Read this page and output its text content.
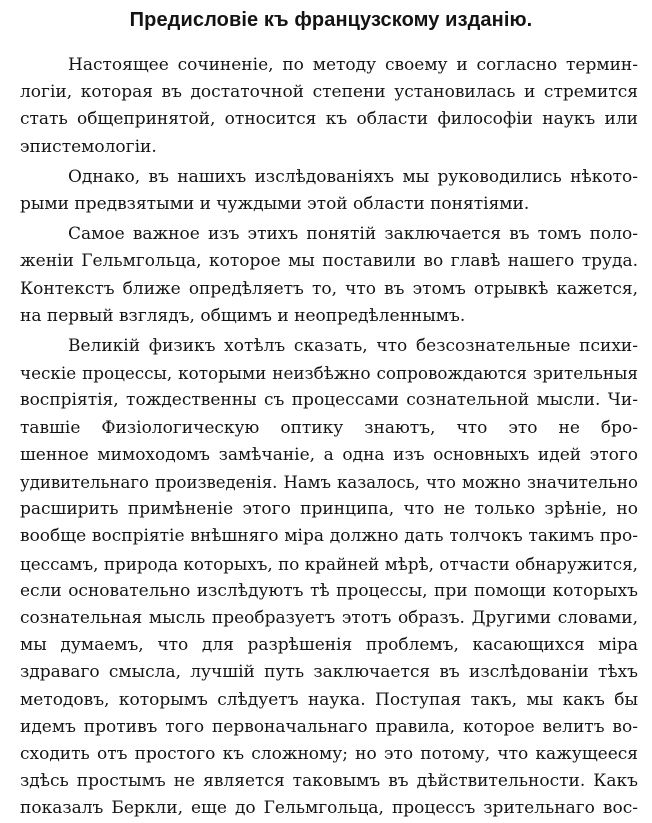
Предисловіе къ французскому изданію.
Настоящее сочиненіе, по методу своему и согласно термин-
логіи, которая въ достаточной степени установилась и стремится
стать общепринятой, относится къ области философіи наукъ или
эпистемологіи.
Однако, въ нашихъ изслѣдованіяхъ мы руководились нѣкото-
рыми предвзятыми и чуждыми этой области понятіями.
Самое важное изъ этихъ понятій заключается въ томъ поло-
женіи Гельмгольца, которое мы поставили во главѣ нашего труда.
Контекстъ ближе опредѣляетъ то, что въ этомъ отрывкѣ кажется,
на первый взглядъ, общимъ и неопредѣленнымъ.
Великій физикъ хотѣлъ сказать, что безсознательные психи-
ческіе процессы, которыми неизбѣжно сопровождаются зрительныя
воспріятія, тождественны съ процессами сознательной мысли. Чи-
тавшіе Физіологическую оптику знаютъ, что это не бро-
шенное мимоходомъ замѣчаніе, а одна изъ основныхъ идей этого
удивительнаго произведенія. Намъ казалось, что можно значительно
расширить примѣненіе этого принципа, что не только зрѣніе, но
вообще воспріятіе внѣшняго міра должно дать толчокъ такимъ про-
цессамъ, природа которыхъ, по крайней мѣрѣ, отчасти обнаружится,
если основательно изслѣдуютъ тѣ процессы, при помощи которыхъ
сознательная мысль преобразуетъ этотъ образъ. Другими словами,
мы думаемъ, что для разрѣшенія проблемъ, касающихся міра
здраваго смысла, лучшій путь заключается въ изслѣдованіи тѣхъ
методовъ, которымъ слѣдуетъ наука. Поступая такъ, мы какъ бы
идемъ противъ того первоначальнаго правила, которое велитъ во-
сходить отъ простого къ сложному; но это потому, что кажущееся
здѣсь простымъ не является таковымъ въ дѣйствительности. Какъ
показалъ Беркли, еще до Гельмгольца, процессъ зрительнаго вос-
